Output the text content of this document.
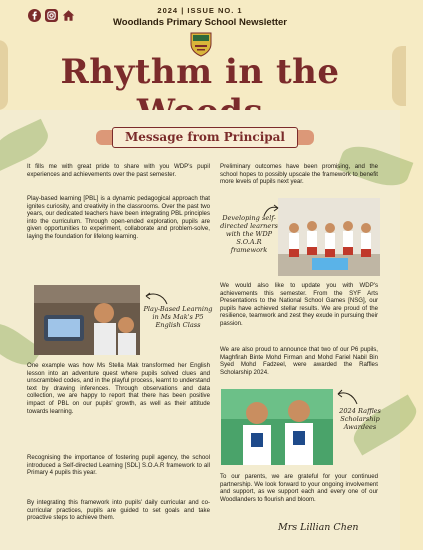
2024 | ISSUE NO. 1
Woodlands Primary School Newsletter
Rhythm in the
Message from Principal
It fills me with great pride to share with you WDP's pupil experiences and achievements over the past semester.
Play-based learning [PBL] is a dynamic pedagogical approach that ignites curiosity, and creativity in the classrooms. Over the past two years, our dedicated teachers have been integrating PBL principles into the curriculum. Through open-ended exploration, pupils are given opportunities to experiment, collaborate and problem-solve, laying the foundation for lifelong learning.
Play-Based Learning in Ms Mak's P5 English Class
One example was how Ms Stella Mak transformed her English lesson into an adventure quest where pupils solved clues and unscrambled codes, and in the playful process, learnt to understand text by drawing inferences. Through observations and data collection, we are happy to report that there has been positive impact of PBL on our pupils' growth, as well as their attitude towards learning.
Recognising the importance of fostering pupil agency, the school introduced a Self-directed Learning [SDL] S.O.A.R framework to all Primary 4 pupils this year.
By integrating this framework into pupils' daily curricular and co-curricular practices, pupils are guided to set goals and take proactive steps to achieve them.
Preliminary outcomes have been promising, and the school hopes to possibly upscale the framework to benefit more levels of pupils next year.
Developing self-directed learners with the WDP S.O.A.R framework
We would also like to update you with WDP's achievements this semester. From the SYF Arts Presentations to the National School Games [NSG], our pupils have achieved stellar results. We are proud of the resilience, teamwork and zest they exude in pursuing their passion.
We are also proud to announce that two of our P6 pupils, Maghfirah Binte Mohd Firman and Mohd Fariel Nabil Bin Syed Mohd Fadzeel, were awarded the Raffles Scholarship 2024.
2024 Raffles Scholarship Awardees
To our parents, we are grateful for your continued partnership. We look forward to your ongoing involvement and support, as we support each and every one of our Woodlanders to flourish and bloom.
Mrs Lillian Chen
